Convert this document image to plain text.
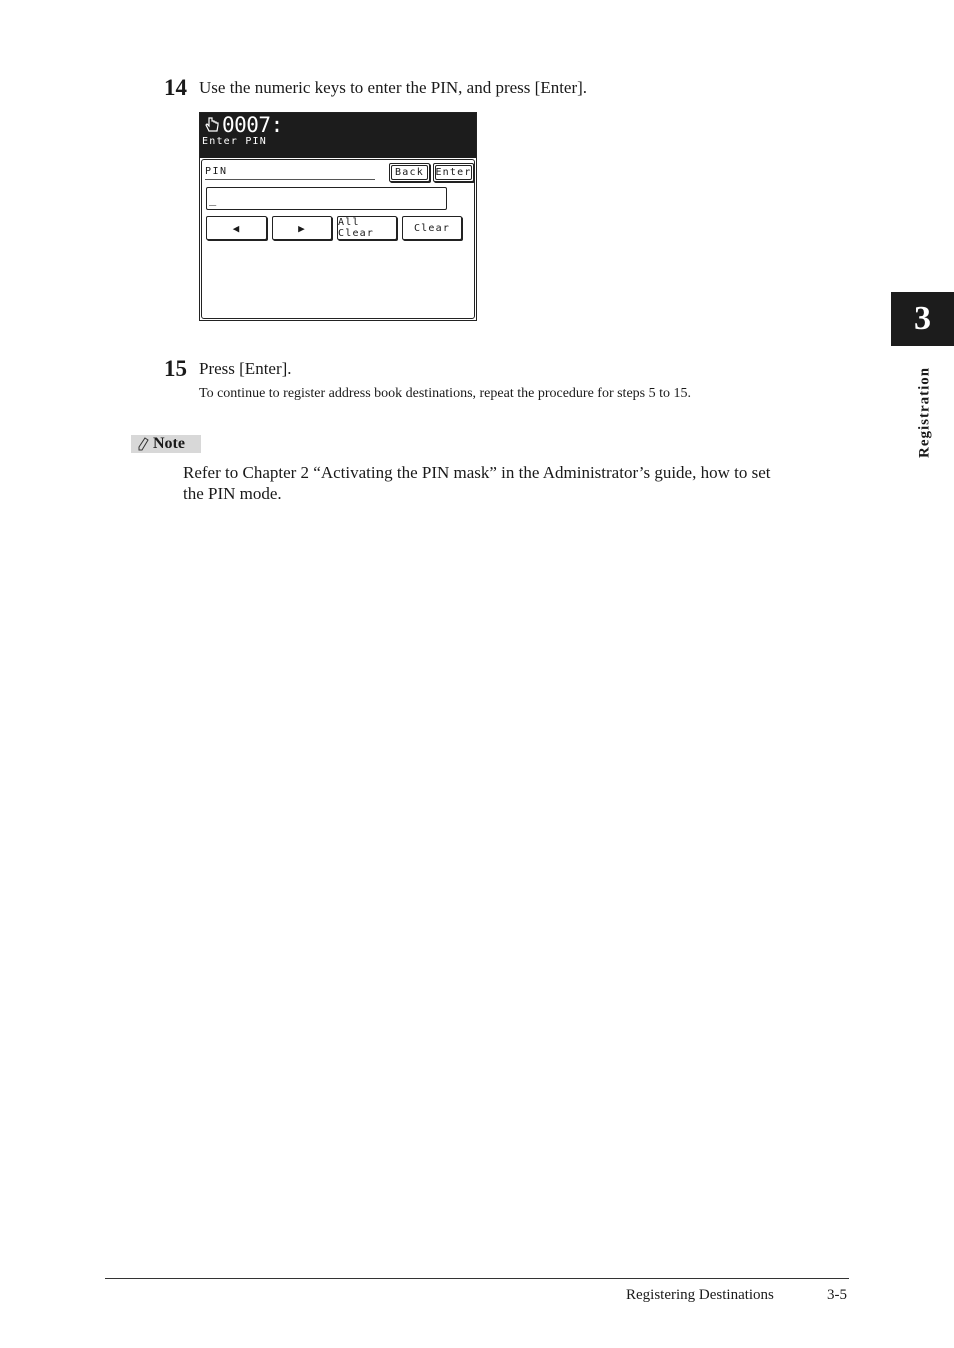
14 Use the numeric keys to enter the PIN, and press [Enter].
0007:
Enter PIN
PIN	Back Enter
_
◀	▶	All Clear	Clear
15 Press [Enter].
To continue to register address book destinations, repeat the procedure for steps 5 to 15.
Note
Refer to Chapter 2 “Activating the PIN mask” in the Administrator’s guide, how to set
the PIN mode.
3
Registration
Registering Destinations	3-5
